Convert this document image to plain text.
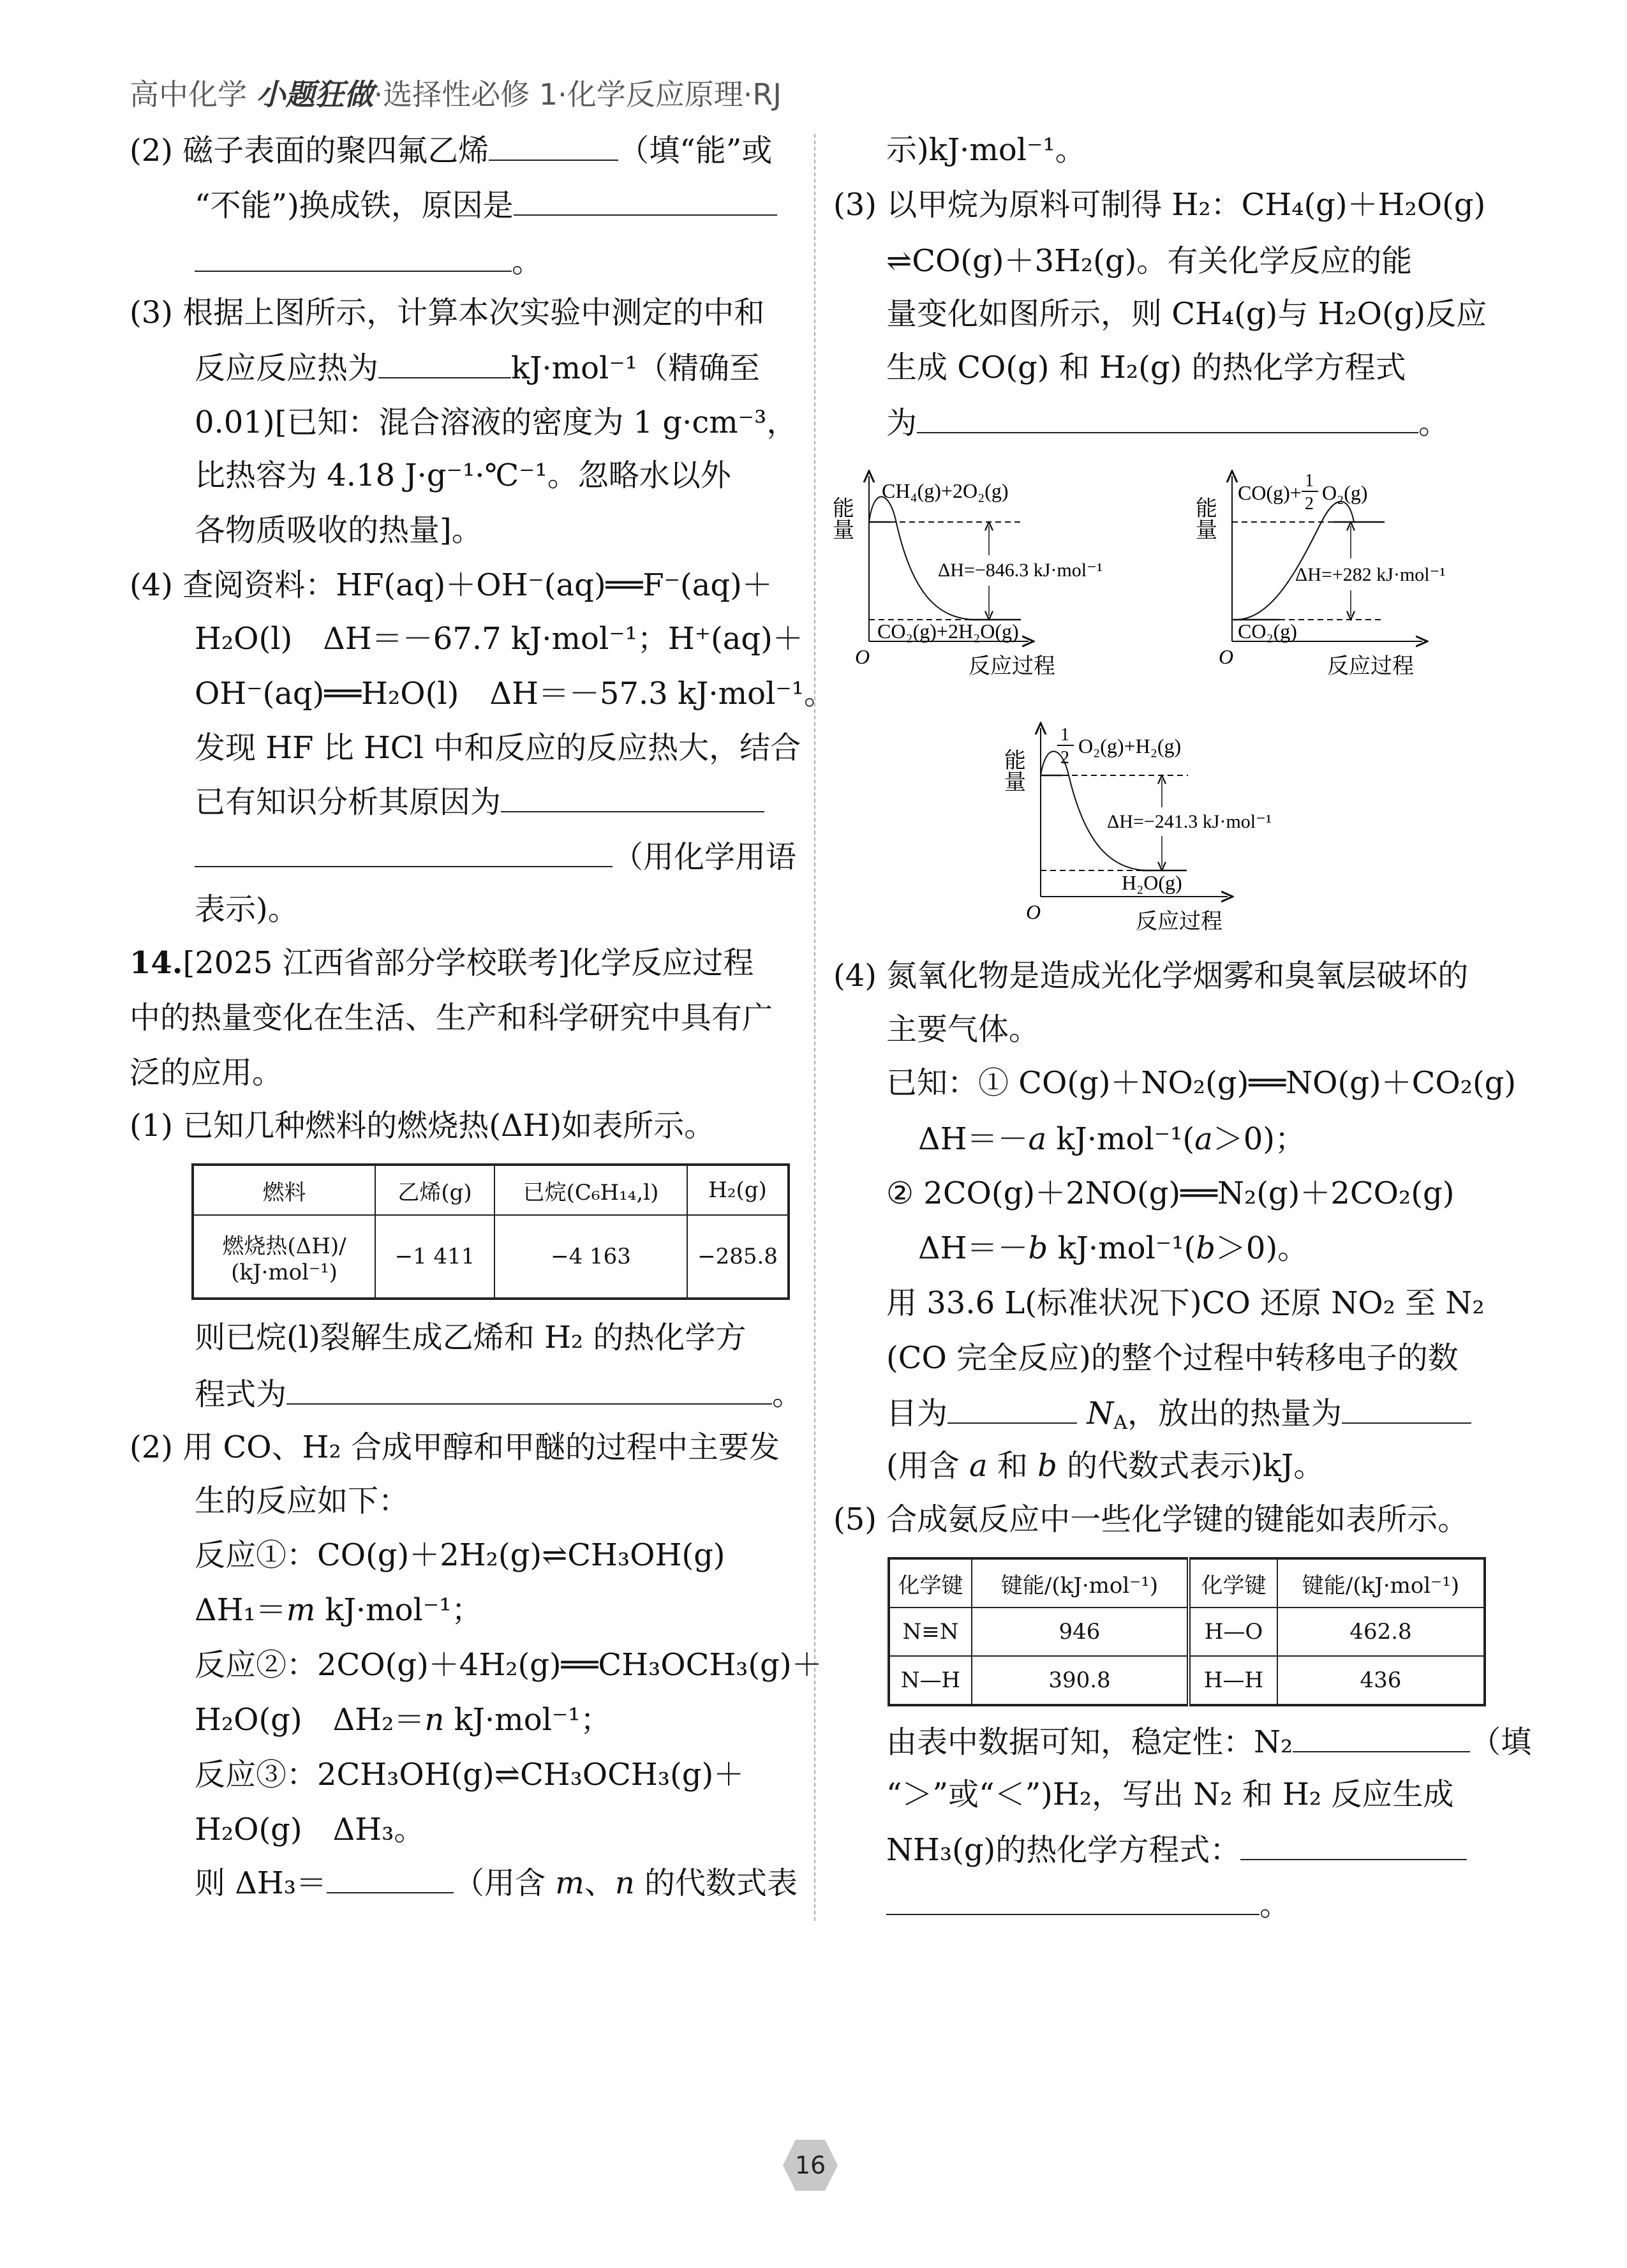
高中化学 小题狂做·选择性必修 1·化学反应原理·RJ
(2) 磁子表面的聚四氟乙烯	（填“能”或
“不能”)换成铁，原因是
。
(3) 根据上图所示，计算本次实验中测定的中和
反应反应热为	kJ·mol⁻¹（精确至
0.01)[已知：混合溶液的密度为 1 g·cm⁻³，
比热容为 4.18 J·g⁻¹·℃⁻¹。忽略水以外
各物质吸收的热量]。
(4) 查阅资料：HF(aq)＋OH⁻(aq)══F⁻(aq)＋
H₂O(l)　ΔH＝－67.7 kJ·mol⁻¹；H⁺(aq)＋
OH⁻(aq)══H₂O(l)　ΔH＝－57.3 kJ·mol⁻¹。
发现 HF 比 HCl 中和反应的反应热大，结合
已有知识分析其原因为
（用化学用语
表示)。
14.[2025 江西省部分学校联考]化学反应过程
中的热量变化在生活、生产和科学研究中具有广
泛的应用。
(1) 已知几种燃料的燃烧热(ΔH)如表所示。
燃料	乙烯(g)	已烷(C₆H₁₄,l)	H₂(g)

燃烧热(ΔH)/
(kJ·mol⁻¹)	−1 411	−4 163	−285.8
则已烷(l)裂解生成乙烯和 H₂ 的热化学方
程式为	。
(2) 用 CO、H₂ 合成甲醇和甲醚的过程中主要发
生的反应如下：
反应①：CO(g)＋2H₂(g)⇌CH₃OH(g)
ΔH₁＝m kJ·mol⁻¹；
反应②：2CO(g)＋4H₂(g)══CH₃OCH₃(g)＋
H₂O(g)　ΔH₂＝n kJ·mol⁻¹；
反应③：2CH₃OH(g)⇌CH₃OCH₃(g)＋
H₂O(g)　ΔH₃。
则 ΔH₃＝	（用含 m、n 的代数式表
示)kJ·mol⁻¹。
(3) 以甲烷为原料可制得 H₂：CH₄(g)＋H₂O(g)
⇌CO(g)＋3H₂(g)。有关化学反应的能
量变化如图所示，则 CH₄(g)与 H₂O(g)反应
生成 CO(g) 和 H₂(g) 的热化学方程式
为	。
能量
O	反应过程
CH₄(g)+2O₂(g)
ΔH=−846.3 kJ·mol⁻¹
CO₂(g)+2H₂O(g)
能量
O	反应过程
CO(g)+
1
2 O₂(g)
ΔH=+282 kJ·mol⁻¹
CO₂(g)
能量
O	反应过程
1
2
O₂(g)+H₂(g)
ΔH=−241.3 kJ·mol⁻¹
H₂O(g)
(4) 氮氧化物是造成光化学烟雾和臭氧层破坏的
主要气体。
已知：① CO(g)＋NO₂(g)══NO(g)＋CO₂(g)
ΔH＝－a kJ·mol⁻¹(a＞0)；
② 2CO(g)＋2NO(g)══N₂(g)＋2CO₂(g)
ΔH＝－b kJ·mol⁻¹(b＞0)。
用 33.6 L(标准状况下)CO 还原 NO₂ 至 N₂
(CO 完全反应)的整个过程中转移电子的数
目为	$N_A$，放出的热量为
(用含 a 和 b 的代数式表示)kJ。
(5) 合成氨反应中一些化学键的键能如表所示。
化学键	键能/(kJ·mol⁻¹)	化学键	键能/(kJ·mol⁻¹)
N≡N	946	H—O	462.8
N—H	390.8	H—H	436
由表中数据可知，稳定性：N₂	（填
“＞”或“＜”)H₂，写出 N₂ 和 H₂ 反应生成
NH₃(g)的热化学方程式：
。
16
